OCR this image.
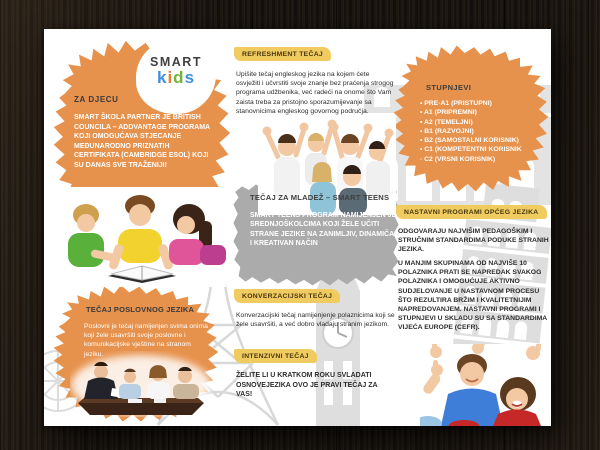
SMART
kids
ZA DJECU
SMART ŠKOLA PARTNER JE BRITISH COUNCILA – ADDVANTAGE PROGRAMA KOJI OMOGUĆAVA STJECANJE MEĐUNARODNO PRIZNATIH CERTIFIKATA (CAMBRIDGE ESOL) KOJI SU DANAS SVE TRAŽENIJI!
TEČAJ POSLOVNOG JEZIKA
Poslovni je tečaj namijenjen svima onima koji žele usavršiti svoje poslovne i komunikacijske vještine na stranom jeziku.
REFRESHMENT TEČAJ
Upišite tečaj engleskog jezika na kojem ćete osvježiti i učvrstiti svoje znanje bez praćenja strogog programa udžbenika, već radeći na onome što Vam zaista treba za pristojno sporazumijevanje sa stanovnicima engleskog govornog područja.
TEČAJ ZA MLADEŽ – SMART TEENS
SMART TEENS PROGRAM NAMIJENJEN JE SREDNJOŠKOLCIMA KOJI ŽELE UČITI STRANE JEZIKE NA ZANIMLJIV, DINAMIČAN I KREATIVAN NAČIN
KONVERZACIJSKI TEČAJ
Konverzacijski tečaj namijenjenje polaznicima koji se žele usavršiti, a već dobro vladaju stranim jezikom.
INTENZIVNI TEČAJ
ŽELITE LI U KRATKOM ROKU SVLADATI OSNOVEJEZIKA OVO JE PRAVI TEČAJ ZA VAS!
STUPNJEVI
• PRE-A1 (PRISTUPNI)
• A1 (PRIPREMNI)
• A2 (TEMELJNI)
• B1 (RAZVOJNI)
• B2 (SAMOSTALNI KORISNIK)
• C1 (KOMPETENTNI KORISNIK
· C2 (VRSNI KORISNIK)
NASTAVNI PROGRAMI OPĆEG JEZIKA
ODGOVARAJU NAJVIŠIM PEDAGOŠKIM I STRUČNIM STANDARDIMA PODUKE STRANIH JEZIKA.
U MANJIM SKUPINAMA OD NAJVIŠE 10 POLAZNIKA PRATI SE NAPREDAK SVAKOG POLAZNIKA I OMOGUĆUJE AKTIVNO SUDJELOVANJE U NASTAVNOM PROCESU ŠTO REZULTIRA BRŽIM I KVALITETNIJIM NAPREDOVANJEM. NASTAVNI PROGRAMI I STUPNJEVI U SKLADU SU SA STANDARDIMA VIJEĆA EUROPE (CEFR).
